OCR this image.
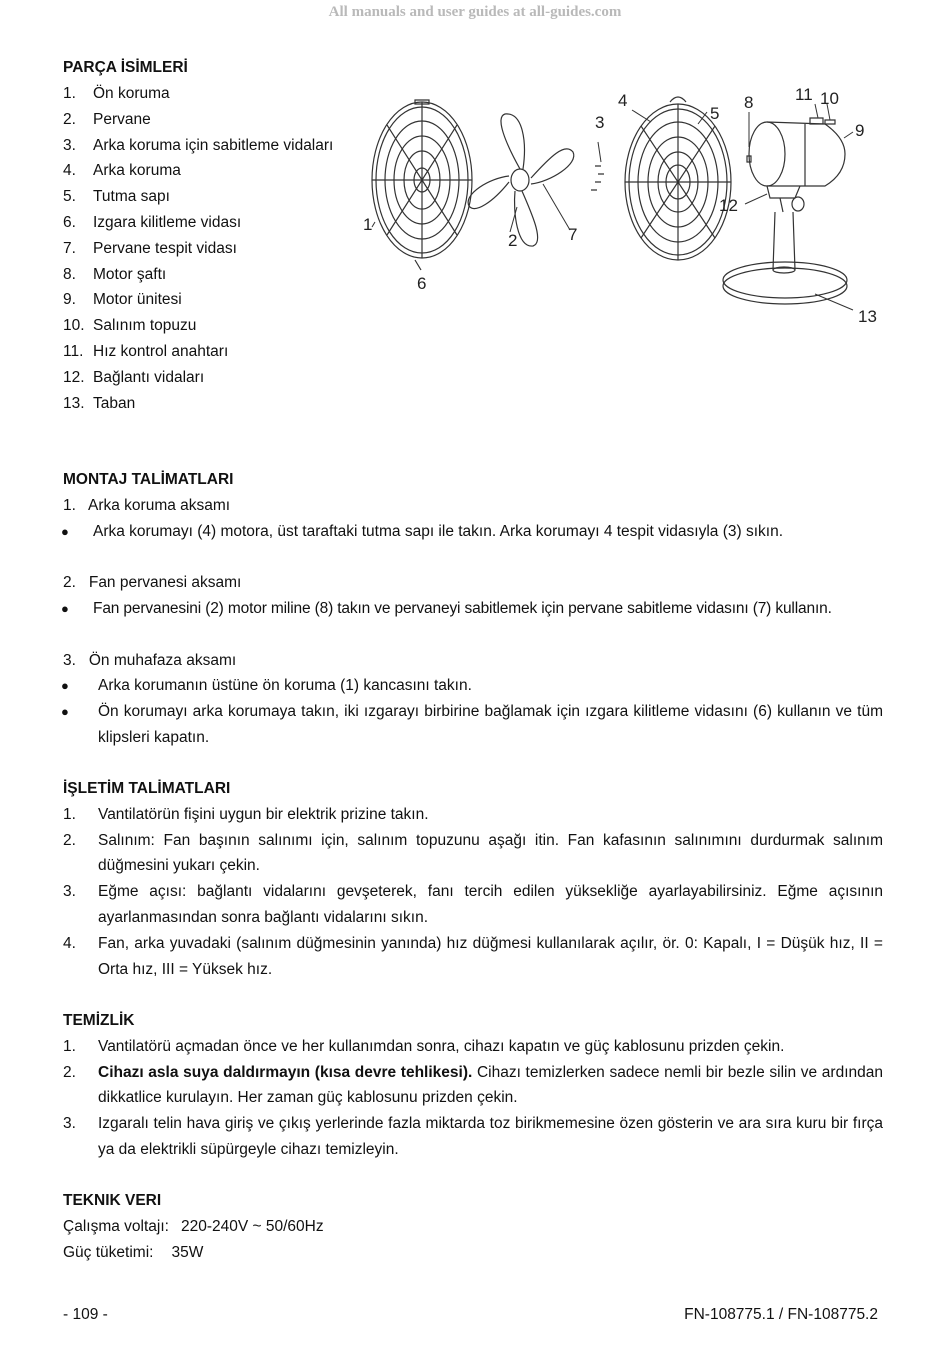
All manuals and user guides at all-guides.com
PARÇA İSİMLERİ
1. Ön koruma
2. Pervane
3. Arka koruma için sabitleme vidaları
4. Arka koruma
5. Tutma sapı
6. Izgara kilitleme vidası
7. Pervane tespit vidası
8. Motor şaftı
9. Motor ünitesi
10. Salınım topuzu
11. Hız kontrol anahtarı
12. Bağlantı vidaları
13. Taban
1
2
3
4
5
6
7
8
9
10
11
12
13
MONTAJ TALİMATLARI
1.   Arka koruma aksamı
● Arka korumayı (4) motora, üst taraftaki tutma sapı ile takın. Arka korumayı 4 tespit vidasıyla (3) sıkın.
2.   Fan pervanesi aksamı
● Fan pervanesini (2) motor miline (8) takın ve pervaneyi sabitlemek için pervane sabitleme vidasını (7) kullanın.
3.   Ön muhafaza aksamı
● Arka korumanın üstüne ön koruma (1) kancasını takın.
● Ön korumayı arka korumaya takın, iki ızgarayı birbirine bağlamak için ızgara kilitleme vidasını (6) kullanın ve tüm klipsleri kapatın.
İŞLETİM TALİMATLARI
1. Vantilatörün fişini uygun bir elektrik prizine takın.
2. Salınım: Fan başının salınımı için, salınım topuzunu aşağı itin. Fan kafasının salınımını durdurmak salınım düğmesini yukarı çekin.
3. Eğme açısı: bağlantı vidalarını gevşeterek, fanı tercih edilen yüksekliğe ayarlayabilirsiniz. Eğme açısının ayarlanmasından sonra bağlantı vidalarını sıkın.
4. Fan, arka yuvadaki (salınım düğmesinin yanında) hız düğmesi kullanılarak açılır, ör. 0: Kapalı, I = Düşük hız, II = Orta hız, III = Yüksek hız.
TEMİZLİK
1. Vantilatörü açmadan önce ve her kullanımdan sonra, cihazı kapatın ve güç kablosunu prizden çekin.
2. Cihazı asla suya daldırmayın (kısa devre tehlikesi). Cihazı temizlerken sadece nemli bir bezle silin ve ardından dikkatlice kurulayın. Her zaman güç kablosunu prizden çekin.
3. Izgaralı telin hava giriş ve çıkış yerlerinde fazla miktarda toz birikmemesine özen gösterin ve ara sıra kuru bir fırça ya da elektrikli süpürgeyle cihazı temizleyin.
TEKNIK VERI
Çalışma voltajı: 220-240V ~ 50/60Hz
Güç tüketimi: 35W
- 109 -	FN-108775.1 / FN-108775.2
